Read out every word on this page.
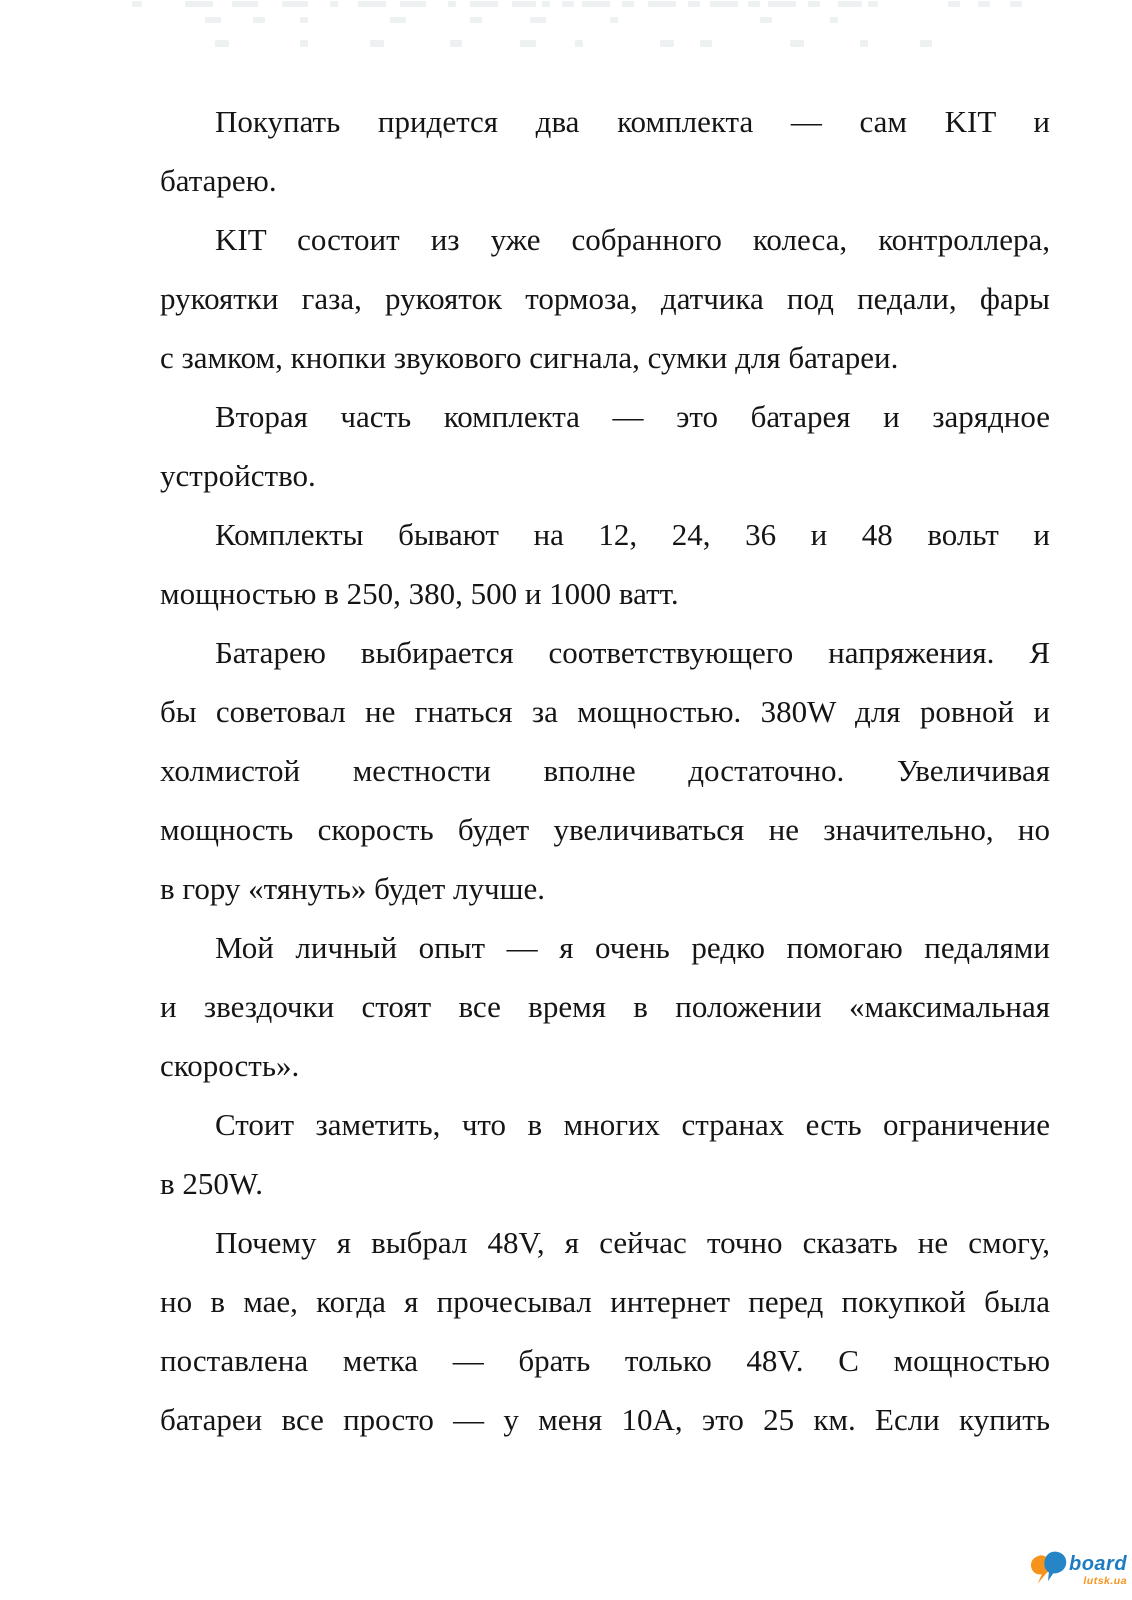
Покупать придется два комплекта — сам KIT и
батарею.

KIT состоит из уже собранного колеса, контроллера,
рукоятки газа, рукояток тормоза, датчика под педали, фары
с замком, кнопки звукового сигнала, сумки для батареи.

Вторая часть комплекта — это батарея и зарядное
устройство.

Комплекты бывают на 12, 24, 36 и 48 вольт и
мощностью в 250, 380, 500 и 1000 ватт.

Батарею выбирается соответствующего напряжения. Я
бы советовал не гнаться за мощностью. 380W для ровной и
холмистой местности вполне достаточно. Увеличивая
мощность скорость будет увеличиваться не значительно, но
в гору «тянуть» будет лучше.

Мой личный опыт — я очень редко помогаю педалями
и звездочки стоят все время в положении «максимальная
скорость».

Стоит заметить, что в многих странах есть ограничение
в 250W.

Почему я выбрал 48V, я сейчас точно сказать не смогу,
но в мае, когда я прочесывал интернет перед покупкой была
поставлена метка — брать только 48V. С мощностью
батареи все просто — у меня 10А, это 25 км. Если купить

board
lutsk.ua
